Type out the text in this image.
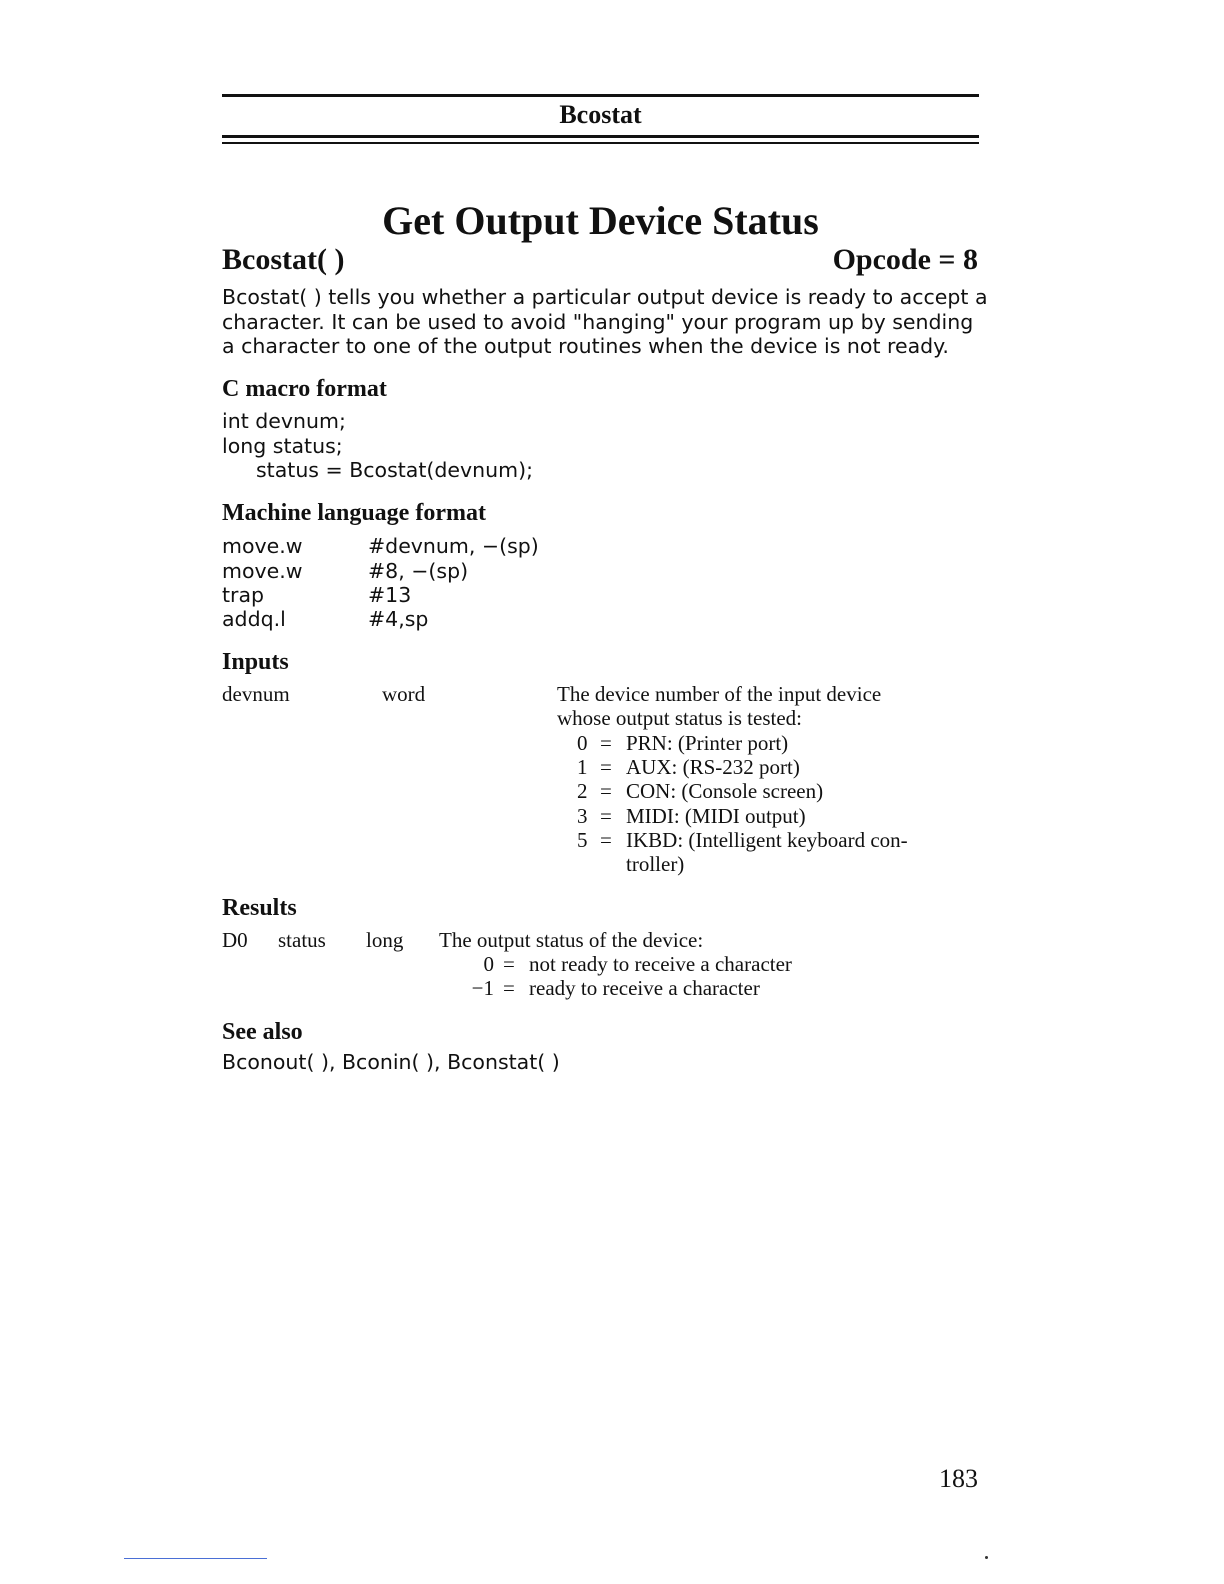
Bcostat
Get Output Device Status
Bcostat( )	Opcode = 8
Bcostat( ) tells you whether a particular output device is ready to accept a
character. It can be used to avoid "hanging" your program up by sending
a character to one of the output routines when the device is not ready.
C macro format
int devnum;
long status;
status = Bcostat(devnum);
Machine language format
move.w	#devnum, −(sp)
move.w	#8, −(sp)
trap	#13
addq.l	#4,sp
Inputs
devnum	word	The device number of the input device
whose output status is tested:
0 = PRN: (Printer port)
1 = AUX: (RS-232 port)
2 = CON: (Console screen)
3 = MIDI: (MIDI output)
5 = IKBD: (Intelligent keyboard con-
troller)
Results
D0 status long The output status of the device:
0 = not ready to receive a character
−1 = ready to receive a character
See also
Bconout( ), Bconin( ), Bconstat( )
183
